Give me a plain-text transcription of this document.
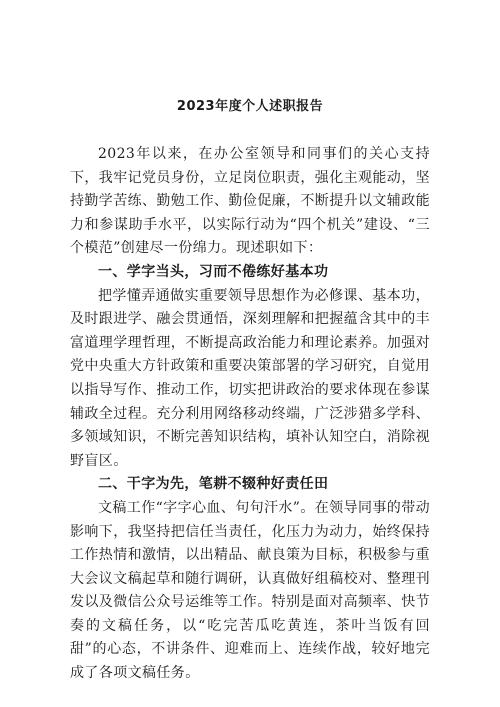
2023年度个人述职报告

2023年以来，在办公室领导和同事们的关心支持下，我牢记党员身份，立足岗位职责，强化主观能动，坚持勤学苦练、勤勉工作、勤俭促廉，不断提升以文辅政能力和参谋助手水平，以实际行动为“四个机关”建设、“三个模范”创建尽一份绵力。现述职如下：

一、学字当头，习而不倦练好基本功

把学懂弄通做实重要领导思想作为必修课、基本功，及时跟进学、融会贯通悟，深刻理解和把握蕴含其中的丰富道理学理哲理，不断提高政治能力和理论素养。加强对党中央重大方针政策和重要决策部署的学习研究，自觉用以指导写作、推动工作，切实把讲政治的要求体现在参谋辅政全过程。充分利用网络移动终端，广泛涉猎多学科、多领域知识，不断完善知识结构，填补认知空白，消除视野盲区。

二、干字为先，笔耕不辍种好责任田

文稿工作“字字心血、句句汗水”。在领导同事的带动影响下，我坚持把信任当责任，化压力为动力，始终保持工作热情和激情，以出精品、献良策为目标，积极参与重大会议文稿起草和随行调研，认真做好组稿校对、整理刊发以及微信公众号运维等工作。特别是面对高频率、快节奏的文稿任务，以“吃完苦瓜吃黄连，茶叶当饭有回甜”的心态，不讲条件、迎难而上、连续作战，较好地完成了各项文稿任务。
